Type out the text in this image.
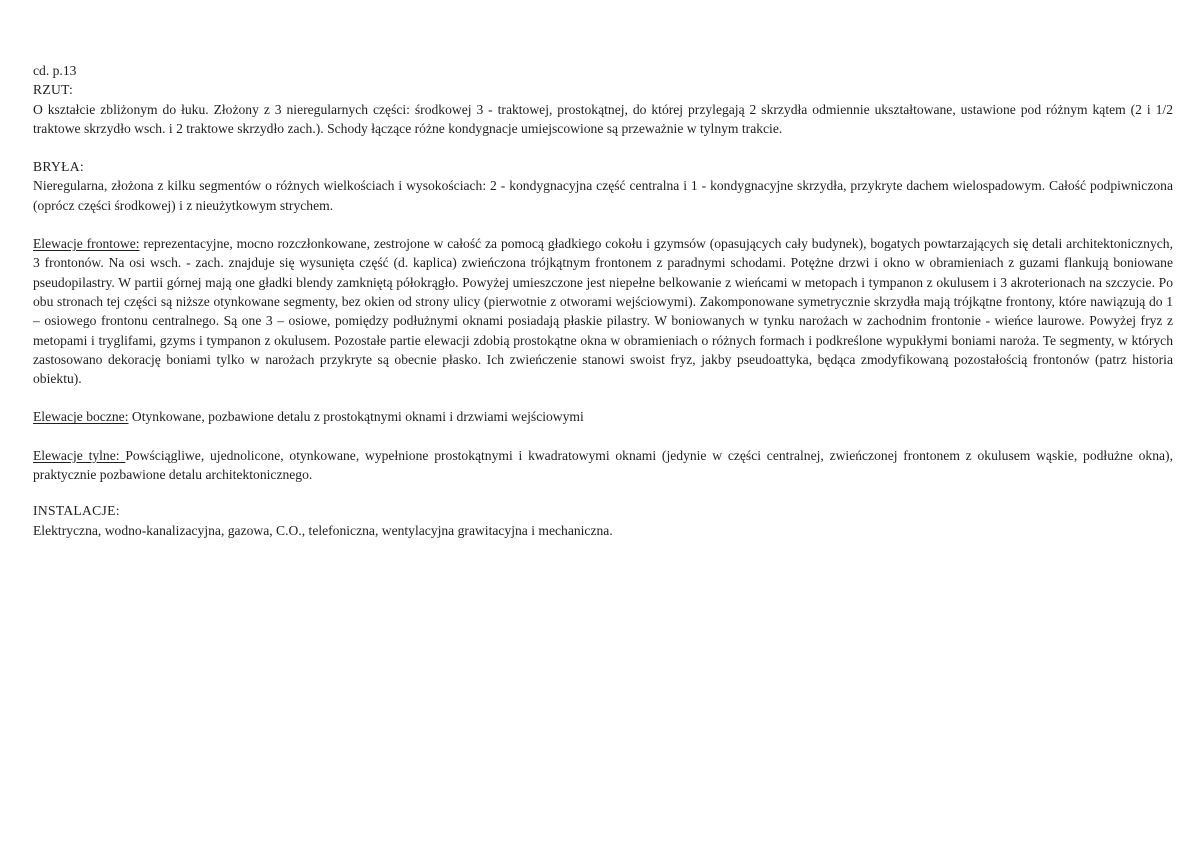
cd. p.13
RZUT:

O kształcie zbliżonym do łuku. Złożony z 3 nieregularnych części: środkowej 3 - traktowej, prostokątnej, do której przylegają 2 skrzydła odmiennie ukształtowane, ustawione pod różnym kątem (2 i 1/2 traktowe skrzydło wsch. i 2 traktowe skrzydło zach.). Schody łączące różne kondygnacje umiejscowione są przeważnie w tylnym trakcie.

BRYŁA:

Nieregularna, złożona z kilku segmentów o różnych wielkościach i wysokościach: 2 - kondygnacyjna część centralna i 1 - kondygnacyjne skrzydła, przykryte dachem wielospadowym. Całość podpiwniczona (oprócz części środkowej) i z nieużytkowym strychem.

Elewacje frontowe: reprezentacyjne, mocno rozczłonkowane, zestrojone w całość za pomocą gładkiego cokołu i gzymsów (opasujących cały budynek), bogatych powtarzających się detali architektonicznych, 3 frontonów. Na osi wsch. - zach. znajduje się wysunięta część (d. kaplica) zwieńczona trójkątnym frontonem z paradnymi schodami. Potężne drzwi i okno w obramieniach z guzami flankują boniowane pseudopilastry. W partii górnej mają one gładki blendy zamkniętą półokrągło. Powyżej umieszczone jest niepełne belkowanie z wieńcami w metopach i tympanon z okulusem i 3 akroterionach na szczycie. Po obu stronach tej części są niższe otynkowane segmenty, bez okien od strony ulicy (pierwotnie z otworami wejściowymi). Zakomponowane symetrycznie skrzydła mają trójkątne frontony, które nawiązują do 1 – osiowego frontonu centralnego. Są one 3 – osiowe, pomiędzy podłużnymi oknami posiadają płaskie pilastry. W boniowanych w tynku narożach w zachodnim frontonie - wieńce laurowe. Powyżej fryz z metopami i tryglifami, gzyms i tympanon z okulusem. Pozostałe partie elewacji zdobią prostokątne okna w obramieniach o różnych formach i podkreślone wypukłymi boniami naroża. Te segmenty, w których zastosowano dekorację boniami tylko w narożach przykryte są obecnie płasko. Ich zwieńczenie stanowi swoist fryz, jakby pseudoattyka, będąca zmodyfikowaną pozostałością frontonów (patrz historia obiektu).

Elewacje boczne: Otynkowane, pozbawione detalu z prostokątnymi oknami i drzwiami wejściowymi

Elewacje tylne: Powściągliwe, ujednolicone, otynkowane, wypełnione prostokątnymi i kwadratowymi oknami (jedynie w części centralnej, zwieńczonej frontonem z okulusem wąskie, podłużne okna), praktycznie pozbawione detalu architektonicznego.

INSTALACJE:

Elektryczna, wodno-kanalizacyjna, gazowa, C.O., telefoniczna, wentylacyjna grawitacyjna i mechaniczna.
